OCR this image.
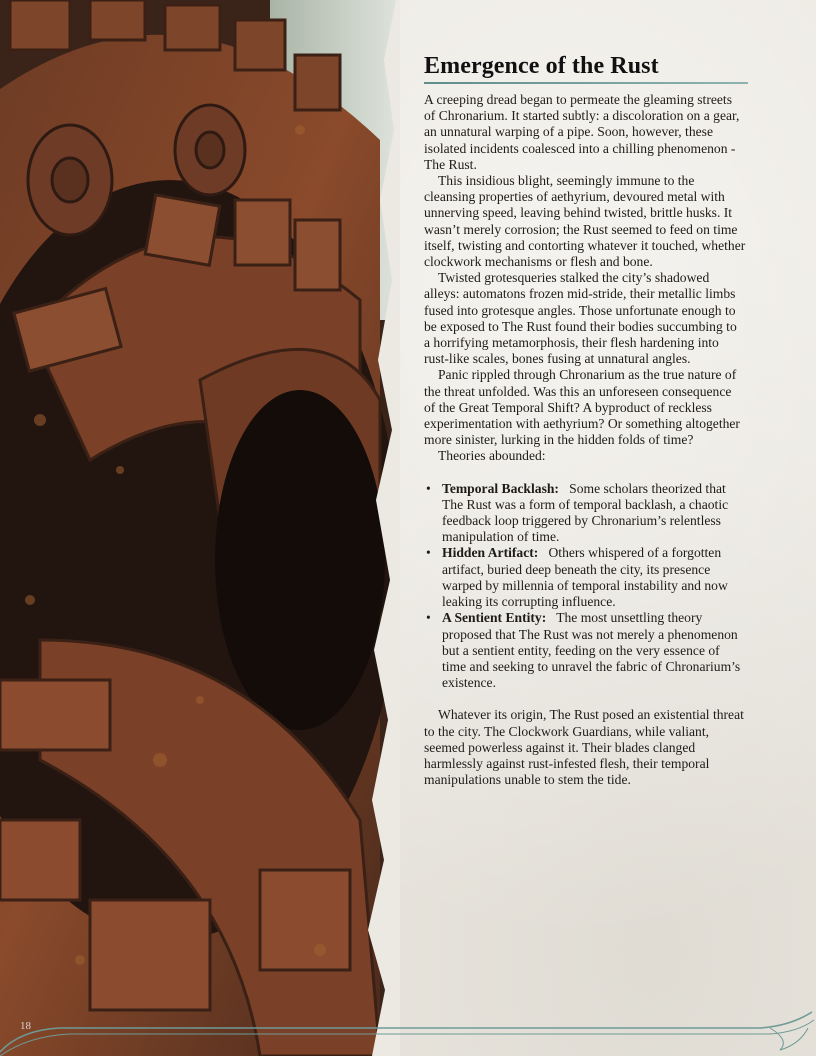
Emergence of the Rust

A creeping dread began to permeate the gleaming streets of Chronarium. It started subtly: a discoloration on a gear, an unnatural warping of a pipe. Soon, however, these isolated incidents coalesced into a chilling phenomenon - The Rust.

This insidious blight, seemingly immune to the cleansing properties of aethyrium, devoured metal with unnerving speed, leaving behind twisted, brittle husks. It wasn’t merely corrosion; the Rust seemed to feed on time itself, twisting and contorting whatever it touched, whether clockwork mechanisms or flesh and bone.

Twisted grotesqueries stalked the city’s shadowed alleys: automatons frozen mid-stride, their metallic limbs fused into grotesque angles. Those unfortunate enough to be exposed to The Rust found their bodies succumbing to a horrifying metamorphosis, their flesh hardening into rust-like scales, bones fusing at unnatural angles.

Panic rippled through Chronarium as the true nature of the threat unfolded. Was this an unforeseen consequence of the Great Temporal Shift? A byproduct of reckless experimentation with aethyrium? Or something altogether more sinister, lurking in the hidden folds of time?

Theories abounded:

• Temporal Backlash: Some scholars theorized that The Rust was a form of temporal backlash, a chaotic feedback loop triggered by Chronarium’s relentless manipulation of time.
• Hidden Artifact: Others whispered of a forgotten artifact, buried deep beneath the city, its presence warped by millennia of temporal instability and now leaking its corrupting influence.
• A Sentient Entity: The most unsettling theory proposed that The Rust was not merely a phenomenon but a sentient entity, feeding on the very essence of time and seeking to unravel the fabric of Chronarium’s existence.

Whatever its origin, The Rust posed an existential threat to the city. The Clockwork Guardians, while valiant, seemed powerless against it. Their blades clanged harmlessly against rust-infested flesh, their temporal manipulations unable to stem the tide.

18
